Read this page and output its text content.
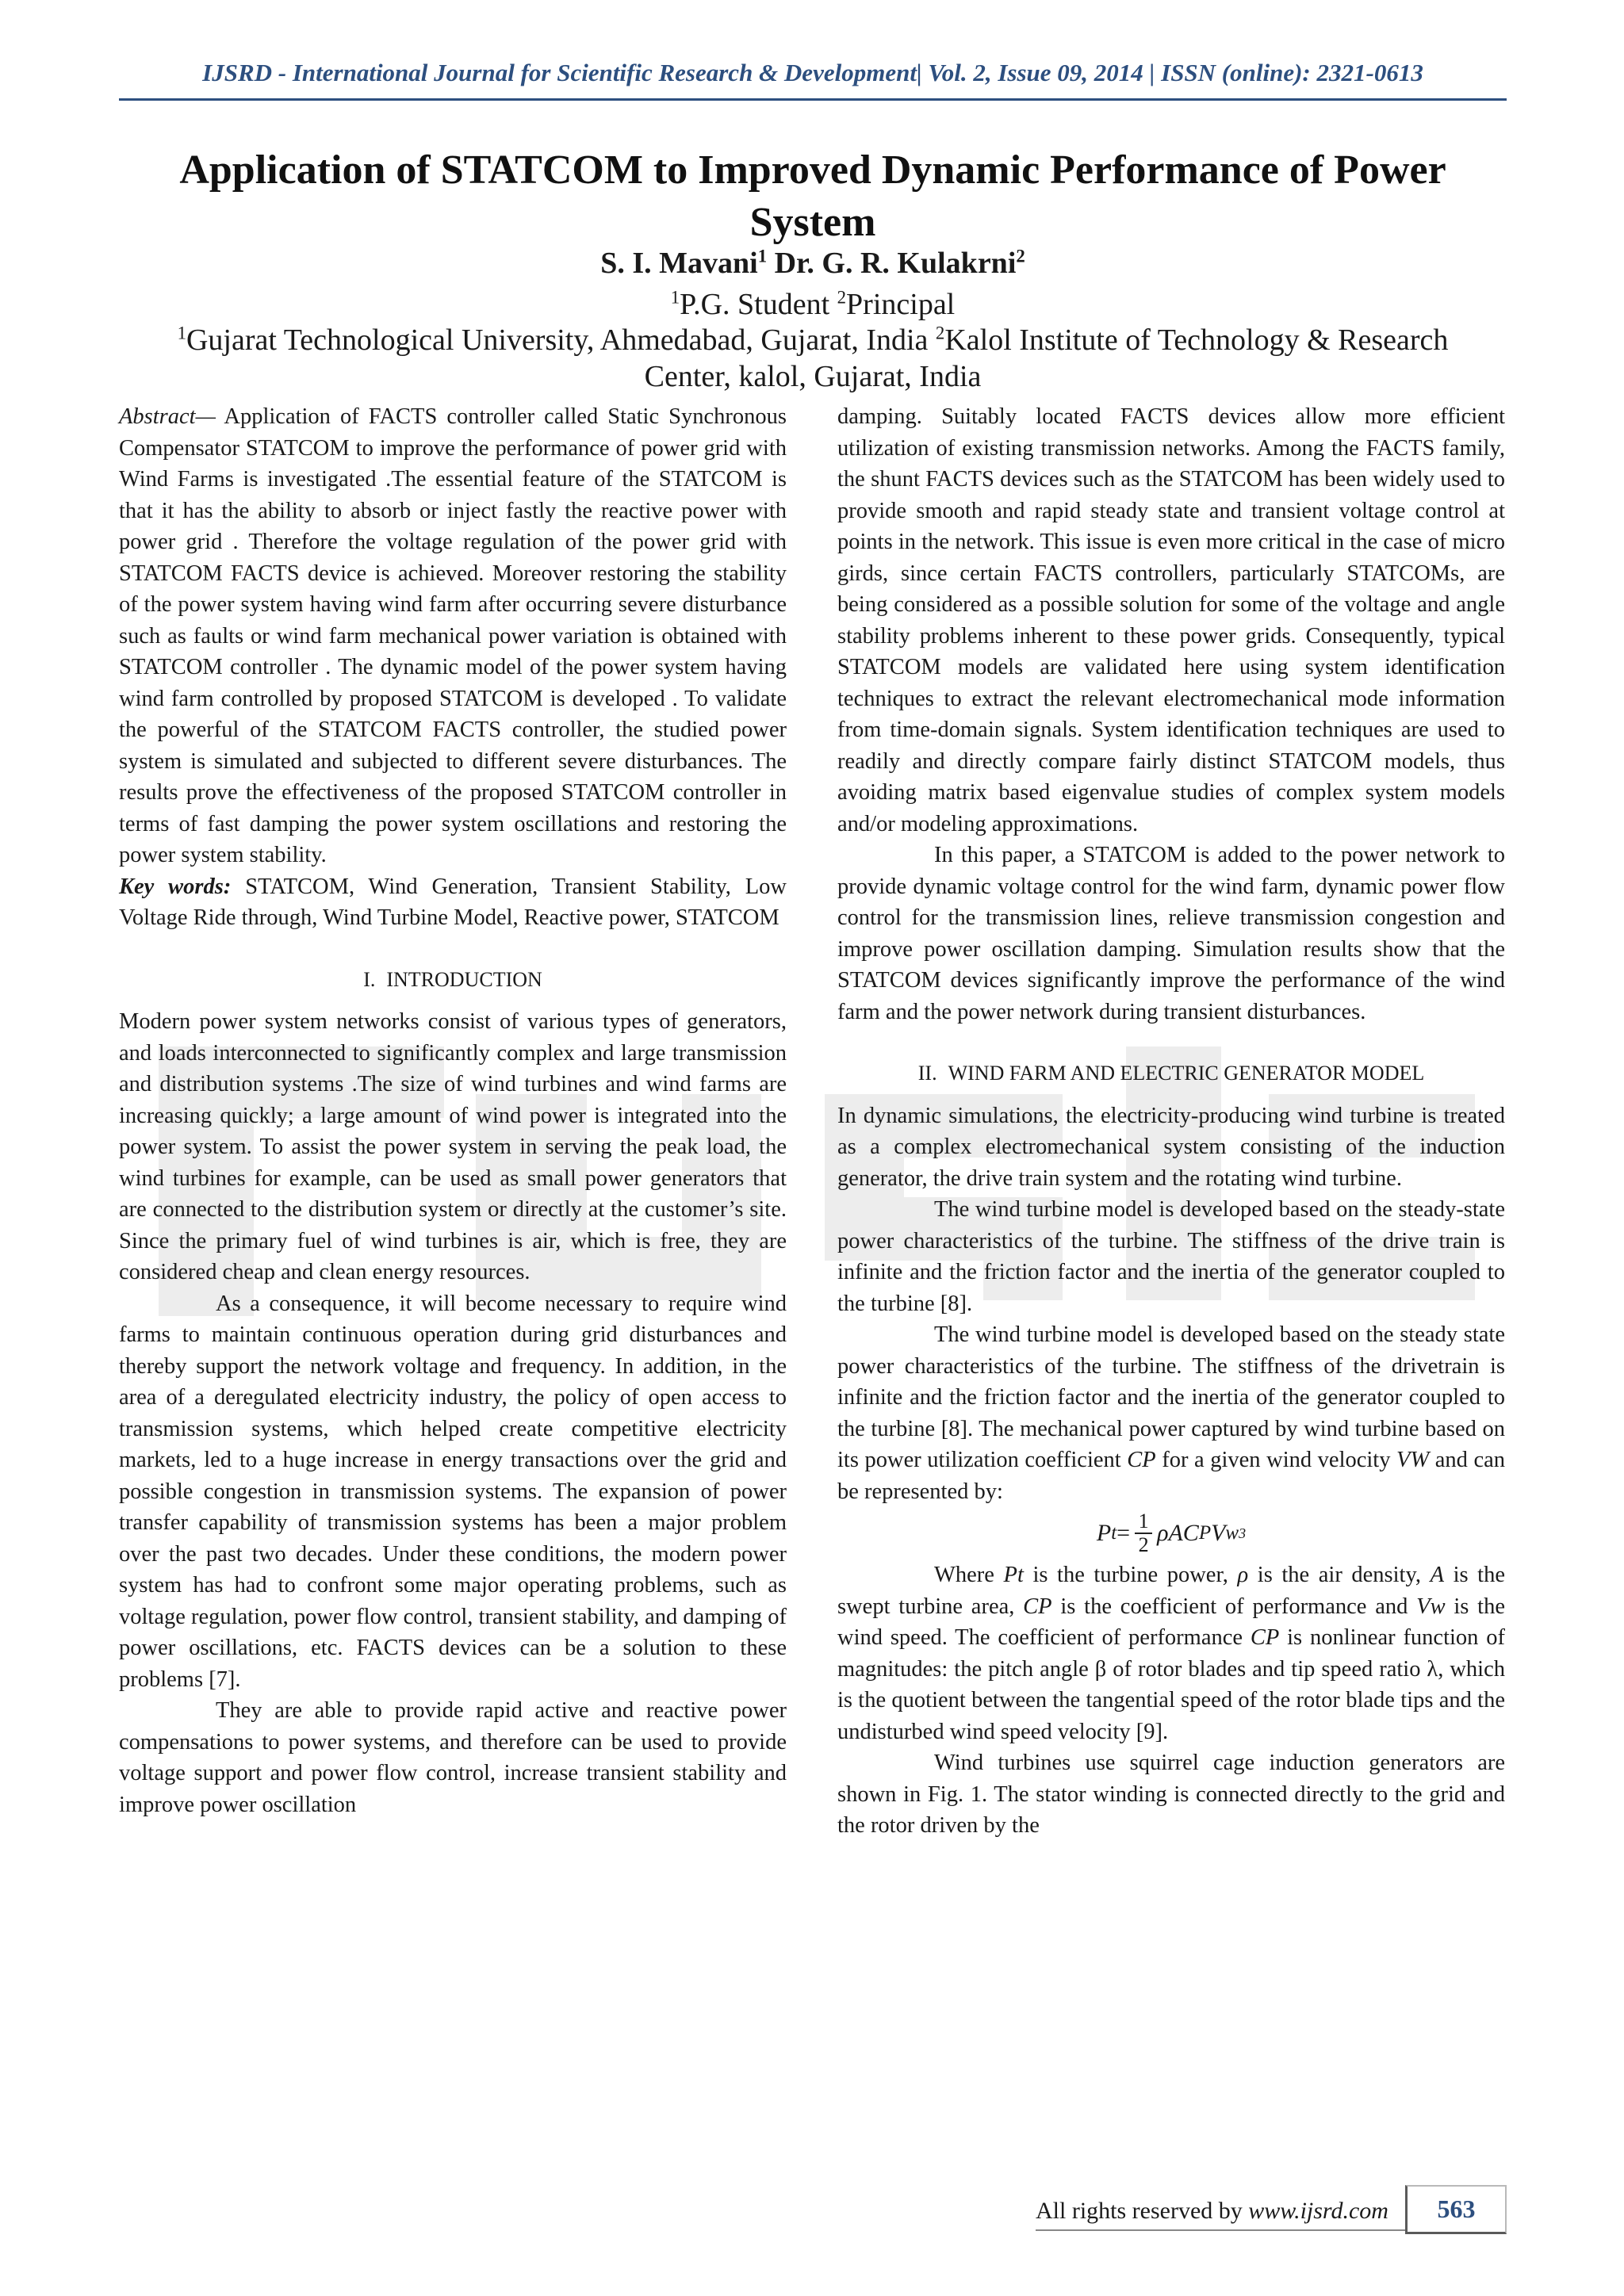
IJSRD - International Journal for Scientific Research & Development| Vol. 2, Issue 09, 2014 | ISSN (online): 2321-0613
Application of STATCOM to Improved Dynamic Performance of Power System
S. I. Mavani$^1$ Dr. G. R. Kulakrni$^2$
$^1$P.G. Student $^2$Principal
$^1$Gujarat Technological University, Ahmedabad, Gujarat, India $^2$Kalol Institute of Technology & Research Center, kalol, Gujarat, India

Abstract— Application of FACTS controller called Static Synchronous Compensator STATCOM to improve the performance of power grid with Wind Farms is investigated .The essential feature of the STATCOM is that it has the ability to absorb or inject fastly the reactive power with power grid . Therefore the voltage regulation of the power grid with STATCOM FACTS device is achieved. Moreover restoring the stability of the power system having wind farm after occurring severe disturbance such as faults or wind farm mechanical power variation is obtained with STATCOM controller . The dynamic model of the power system having wind farm controlled by proposed STATCOM is developed . To validate the powerful of the STATCOM FACTS controller, the studied power system is simulated and subjected to different severe disturbances. The results prove the effectiveness of the proposed STATCOM controller in terms of fast damping the power system oscillations and restoring the power system stability.

Key words: STATCOM, Wind Generation, Transient Stability, Low Voltage Ride through, Wind Turbine Model, Reactive power, STATCOM

I. INTRODUCTION

Modern power system networks consist of various types of generators, and loads interconnected to significantly complex and large transmission and distribution systems .The size of wind turbines and wind farms are increasing quickly; a large amount of wind power is integrated into the power system. To assist the power system in serving the peak load, the wind turbines for example, can be used as small power generators that are connected to the distribution system or directly at the customer’s site. Since the primary fuel of wind turbines is air, which is free, they are considered cheap and clean energy resources.

As a consequence, it will become necessary to require wind farms to maintain continuous operation during grid disturbances and thereby support the network voltage and frequency. In addition, in the area of a deregulated electricity industry, the policy of open access to transmission systems, which helped create competitive electricity markets, led to a huge increase in energy transactions over the grid and possible congestion in transmission systems. The expansion of power transfer capability of transmission systems has been a major problem over the past two decades. Under these conditions, the modern power system has had to confront some major operating problems, such as voltage regulation, power flow control, transient stability, and damping of power oscillations, etc. FACTS devices can be a solution to these problems [7].

They are able to provide rapid active and reactive power compensations to power systems, and therefore can be used to provide voltage support and power flow control, increase transient stability and improve power oscillation

damping. Suitably located FACTS devices allow more efficient utilization of existing transmission networks. Among the FACTS family, the shunt FACTS devices such as the STATCOM has been widely used to provide smooth and rapid steady state and transient voltage control at points in the network. This issue is even more critical in the case of micro girds, since certain FACTS controllers, particularly STATCOMs, are being considered as a possible solution for some of the voltage and angle stability problems inherent to these power grids. Consequently, typical STATCOM models are validated here using system identification techniques to extract the relevant electromechanical mode information from time-domain signals. System identification techniques are used to readily and directly compare fairly distinct STATCOM models, thus avoiding matrix based eigenvalue studies of complex system models and/or modeling approximations.

In this paper, a STATCOM is added to the power network to provide dynamic voltage control for the wind farm, dynamic power flow control for the transmission lines, relieve transmission congestion and improve power oscillation damping. Simulation results show that the STATCOM devices significantly improve the performance of the wind farm and the power network during transient disturbances.

II. WIND FARM AND ELECTRIC GENERATOR MODEL

In dynamic simulations, the electricity-producing wind turbine is treated as a complex electromechanical system consisting of the induction generator, the drive train system and the rotating wind turbine.

The wind turbine model is developed based on the steady-state power characteristics of the turbine. The stiffness of the drive train is infinite and the friction factor and the inertia of the generator coupled to the turbine [8].

The wind turbine model is developed based on the steady state power characteristics of the turbine. The stiffness of the drivetrain is infinite and the friction factor and the inertia of the generator coupled to the turbine [8]. The mechanical power captured by wind turbine based on its power utilization coefficient CP for a given wind velocity VW and can be represented by:

P $t = \frac{1}{2}$ ρAC P V w 3

Where Pt is the turbine power, ρ is the air density, A is the swept turbine area, CP is the coefficient of performance and Vw is the wind speed. The coefficient of performance CP is nonlinear function of magnitudes: the pitch angle β of rotor blades and tip speed ratio λ, which is the quotient between the tangential speed of the rotor blade tips and the undisturbed wind speed velocity [9].

Wind turbines use squirrel cage induction generators are shown in Fig. 1. The stator winding is connected directly to the grid and the rotor driven by the

All rights reserved by www.ijsrd.com 563
